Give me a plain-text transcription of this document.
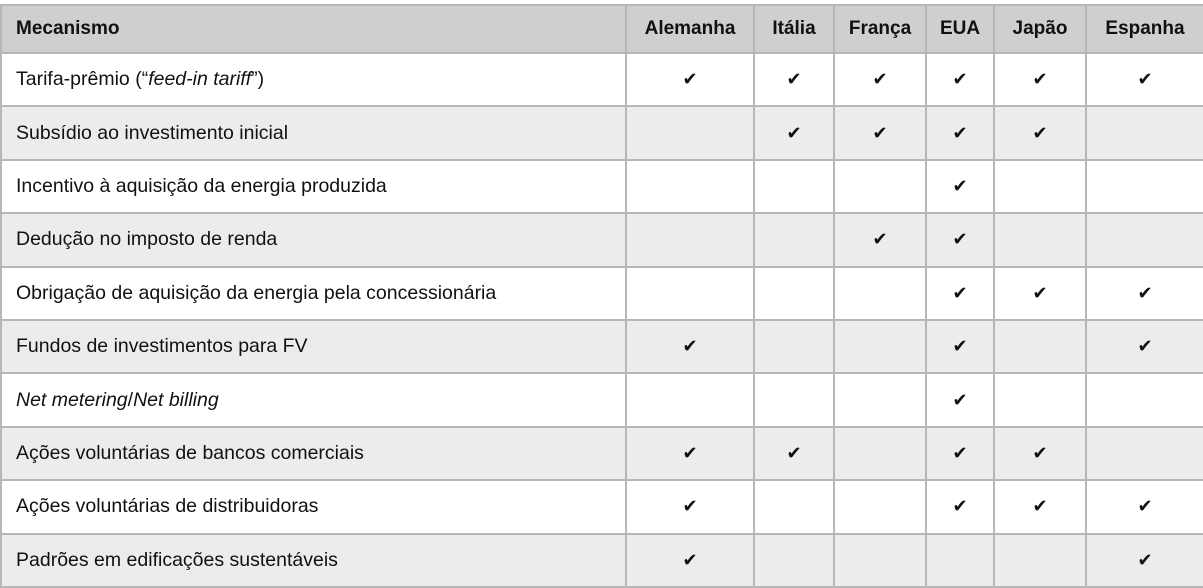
Mecanismo	Alemanha	Itália	França	EUA	Japão	Espanha
Tarifa-prêmio (“feed-in tariff”)	✔	✔	✔	✔	✔	✔
Subsídio ao investimento inicial		✔	✔	✔	✔	
Incentivo à aquisição da energia produzida				✔		
Dedução no imposto de renda			✔	✔		
Obrigação de aquisição da energia pela concessionária				✔	✔	✔
Fundos de investimentos para FV	✔			✔		✔
Net metering/Net billing				✔		
Ações voluntárias de bancos comerciais	✔	✔		✔	✔	
Ações voluntárias de distribuidoras	✔			✔	✔	✔
Padrões em edificações sustentáveis	✔					✔
